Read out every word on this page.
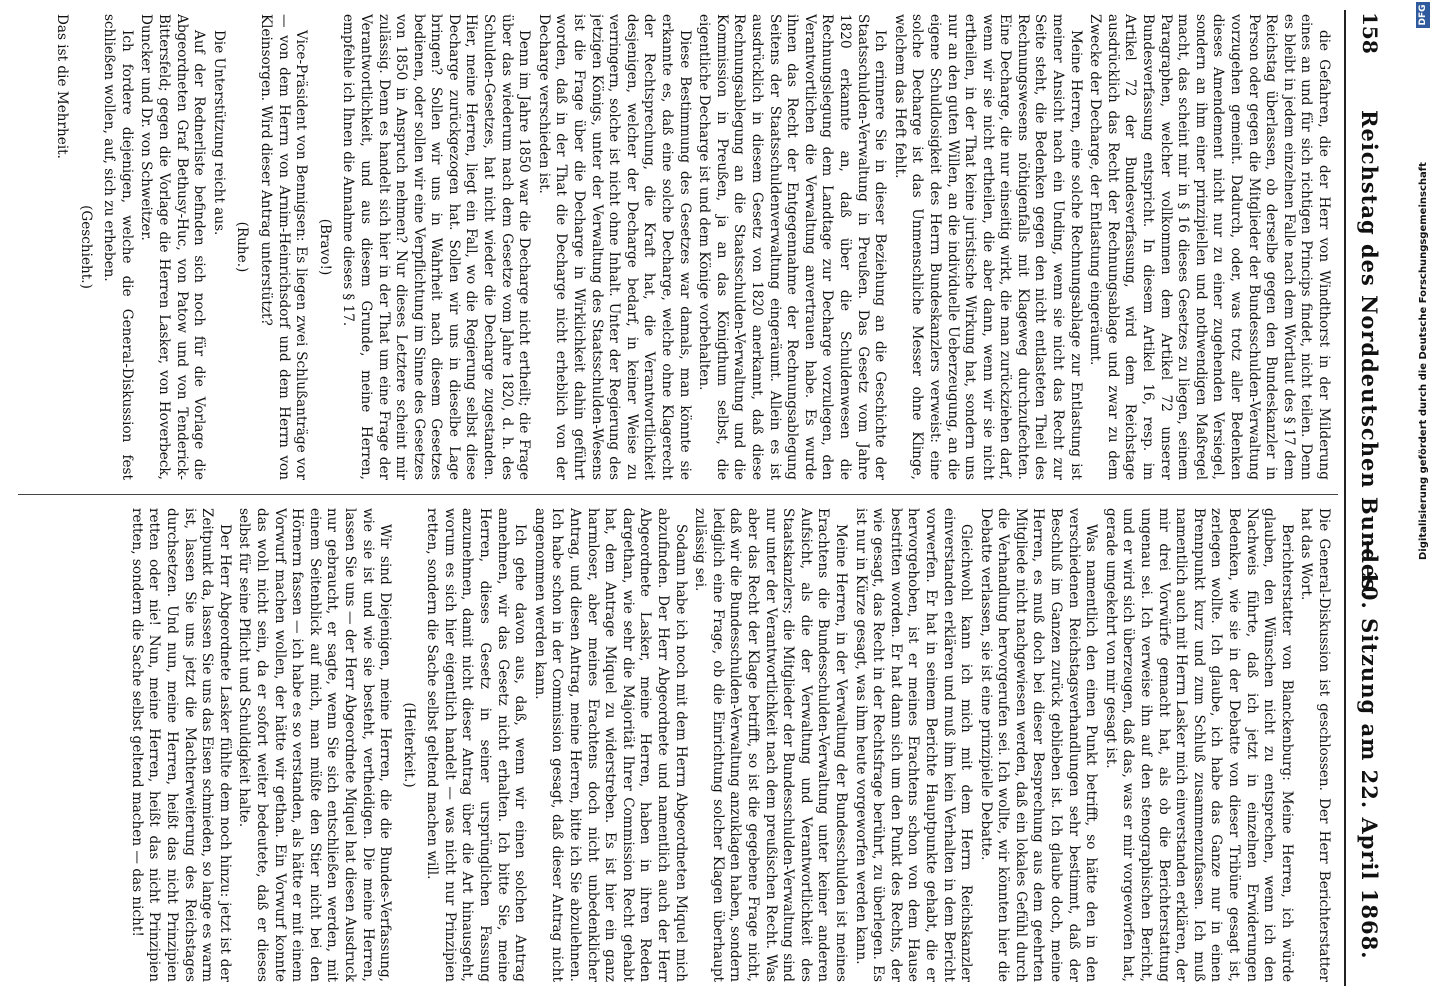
158
Reichstag des Norddeutschen Bundes.
— 10. Sitzung am 22. April 1868.

die Gefahren, die der Herr von Windthorst in der Milderung eines an und für sich richtigen Princips findet, nicht teilen. Denn es bleibt in jedem einzelnen Falle nach dem Wortlaut des § 17 dem Reichstag überlassen, ob derselbe gegen den Bundeskanzler in Person oder gegen die Mitglieder der Bundesschulden-Verwaltung vorzugehen gemeint. Dadurch, oder, was trotz aller Bedenken dieses Amendement nicht nur zu einer zugehenden Versiegel, sondern an ihm einer prinzipiellen und nothwendigen Maßregel macht, das scheint mir in § 16 dieses Gesetzes zu liegen, seinem Paragraphen, welcher vollkommen dem Artikel 72 unserer Bundesverfassung entspricht. In diesem Artikel 16, resp. im Artikel 72 der Bundesverfassung, wird dem Reichstage ausdrücklich das Recht der Rechnungsablage und zwar zu dem Zwecke der Decharge, der Entlastung eingeräumt.

Meine Herren, eine solche Rechnungsablage zur Entlastung ist meiner Ansicht nach ein Unding, wenn sie nicht das Recht zur Seite steht, die Bedenken gegen den nicht entlasteten Theil des Rechnungswesens nöthigenfalls mit Klageweg durchzufechten. Eine Decharge, die nur einseitig wirkt, die man zurückziehen darf, wenn wir sie nicht ertheilen, die aber dann, wenn wir sie nicht ertheilen, in der That keine juristische Wirkung hat, sondern uns nur an den guten Willen, an die individuelle Ueberzeugung, an die eigene Schuldlosigkeit des Herrn Bundeskanzlers verweist: eine solche Decharge ist das Unmenschliche Messer ohne Klinge, welchem das Heft fehlt.

Ich erinnere Sie in dieser Beziehung an die Geschichte der Staatsschulden-Verwaltung in Preußen. Das Gesetz vom Jahre 1820 erkannte an, daß über die Schuldenwesen die Rechnungslegung dem Landtage zur Decharge vorzulegen, den Verantwortlichen die Verwaltung anvertrauen habe. Es wurde ihnen das Recht der Entgegennahme der Rechnungsablegung Seitens der Staatsschuldenverwaltung eingeräumt. Allein es ist ausdrücklich in diesem Gesetz von 1820 anerkannt, daß diese Rechnungsablegung an die Staatsschulden-Verwaltung und die Kommission in Preußen, ja an das Königthum selbst, die eigentliche Decharge ist und dem Könige vorbehalten.

Diese Bestimmung des Gesetzes war damals, man könnte sie erkannte es, daß eine solche Decharge, welche ohne Klagerecht der Rechtsprechung, die Kraft hat, die Verantwortlichkeit desjenigen, welcher der Decharge bedarf, in keiner Weise zu verringern, solche ist nicht ohne Inhalt. Unter der Regierung des jetzigen Königs, unter der Verwaltung des Staatsschulden-Wesens ist die Frage über die Decharge in Wirklichkeit dahin geführt worden, daß in der That die Decharge nicht erheblich von der Decharge verschieden ist.

Denn im Jahre 1850 war die Decharge nicht ertheilt; die Frage über das wiederum nach dem Gesetze vom Jahre 1820, d. h. des Schulden-Gesetzes, hat nicht wieder die Decharge zugestanden. Hier, meine Herren, liegt ein Fall, wo die Regierung selbst diese Decharge zurückgezogen hat. Sollen wir uns in dieselbe Lage bringen? Sollen wir uns in Wahrheit nach diesem Gesetzes bedienen, oder sollen wir eine Verpflichtung im Sinne des Gesetzes von 1850 in Anspruch nehmen? Nur dieses Letztere scheint mir zulässig. Denn es handelt sich hier in der That um eine Frage der Verantwortlichkeit, und aus diesem Grunde, meine Herren, empfehle ich Ihnen die Annahme dieses § 17.

(Bravo!)

Vice-Präsident von Bennigsen: Es liegen zwei Schlußanträge vor — von dem Herrn von Arnim-Heinrichsdorf und dem Herrn von Kleinsorgen. Wird dieser Antrag unterstützt?

(Ruhe.)

Die Unterstützung reicht aus.

Auf der Rednerliste befinden sich noch für die Vorlage die Abgeordneten Graf Bethusy-Huc, von Patow und von Tenderick-Bittersfeld; gegen die Vorlage die Herren Lasker, von Hoverbeck, Duncker und Dr. von Schweitzer.

Ich fordere diejenigen, welche die General-Diskussion fest schließen wollen, auf, sich zu erheben.

(Geschieht.)

Das ist die Mehrheit.

Die General-Diskussion ist geschlossen. Der Herr Berichterstatter hat das Wort.

Berichterstatter von Blanckenburg: Meine Herren, ich würde glauben, den Wünschen nicht zu entsprechen, wenn ich den Nachweis führte, daß ich jetzt in einzelnen Erwiderungen Bedenken, wie sie in der Debatte von dieser Tribüne gesagt ist, zerlegen wollte. Ich glaube, ich habe das Ganze nur in einen Brennpunkt kurz und zum Schluß zusammenzufassen. Ich muß namentlich auch mit Herrn Lasker mich einverstanden erklären, der mir drei Vorwürfe gemacht hat, als ob die Berichterstattung ungenau sei. Ich verweise ihn auf den stenographischen Bericht, und er wird sich überzeugen, daß das, was er mir vorgeworfen hat, gerade umgekehrt von mir gesagt ist.

Was namentlich den einen Punkt betrifft, so hätte den in den verschiedenen Reichstagsverhandlungen sehr bestimmt, daß der Beschluß im Ganzen zurück geblieben ist. Ich glaube doch, meine Herren, es muß doch bei dieser Besprechung aus dem geehrten Mitgliede nicht nachgewiesen werden, daß ein lokales Gefühl durch die Verhandlung hervorgerufen sei. Ich wollte, wir könnten hier die Debatte verlassen, sie ist eine prinzipielle Debatte.

Gleichwohl kann ich mich mit dem Herrn Reichskanzler einverstanden erklären und muß ihm kein Verhalten in dem Bericht vorwerfen. Er hat in seinem Berichte Hauptpunkte gehabt, die er hervorgehoben, ist er meines Erachtens schon von dem Hause bestritten worden. Er hat dann sich um den Punkt des Rechts, der wie gesagt, das Recht in der Rechtsfrage berührt, zu überlegen. Es ist nur in Kürze gesagt, was ihm heute vorgeworfen werden kann.

Meine Herren, in der Verwaltung der Bundesschulden ist meines Erachtens die Bundesschulden-Verwaltung unter keiner anderen Aufsicht, als die der Verwaltung und Verantwortlichkeit des Staatskanzlers; die Mitglieder der Bundesschulden-Verwaltung sind nur unter der Verantwortlichkeit nach dem preußischen Recht. Was aber das Recht der Klage betrifft, so ist die gegebene Frage nicht, daß wir die Bundesschulden-Verwaltung anzuklagen haben, sondern lediglich eine Frage, ob die Einrichtung solcher Klagen überhaupt zulässig sei.

Sodann habe ich noch mit dem Herrn Abgeordneten Miquel mich abzufinden. Der Herr Abgeordnete und namentlich auch der Herr Abgeordnete Lasker, meine Herren, haben in ihren Reden dargethan, wie sehr die Majorität Ihrer Commission Recht gehabt hat, dem Antrage Miquel zu widerstreben. Es ist hier ein ganz harmloser, aber meines Erachtens doch nicht unbedenklicher Antrag, und diesen Antrag, meine Herren, bitte ich Sie abzulehnen. Ich habe schon in der Commission gesagt, daß dieser Antrag nicht angenommen werden kann.

Ich gehe davon aus, daß, wenn wir einen solchen Antrag annehmen, wir das Gesetz nicht erhalten. Ich bitte Sie, meine Herren, dieses Gesetz in seiner ursprünglichen Fassung anzunehmen, damit nicht dieser Antrag über die Art hinausgeht, worum es sich hier eigentlich handelt — was nicht nur Prinzipien retten, sondern die Sache selbst geltend machen will.

(Heiterkeit.)

Wir sind Diejenigen, meine Herren, die die Bundes-Verfassung, wie sie ist und wie sie besteht, vertheidigen. Die meine Herren, lassen Sie uns — der Herr Abgeordnete Miquel hat diesen Ausdruck nur gebraucht, er sagte, wenn Sie sich entschließen werden, mit einem Seitenblick auf mich, man müßte den Stier nicht bei den Hörnern fassen — ich habe es so verstanden, als hätte er mit einem Vorwurf machen wollen, der hätte wir gethan. Ein Vorwurf konnte das wohl nicht sein, da er sofort weiter bedeutete, daß er dieses selbst für seine Pflicht und Schuldigkeit halte.

Der Herr Abgeordnete Lasker fühlte dem noch hinzu: jetzt ist der Zeitpunkt da, lassen Sie uns das Eisen schmieden, so lange es warm ist, lassen Sie uns jetzt die Machterweiterung des Reichstages durchsetzen. Und nun, meine Herren, heißt das nicht Prinzipien retten oder nie! Nun, meine Herren, heißt das nicht Prinzipien retten, sondern die Sache selbst geltend machen — das nicht!

Digitalisierung gefördert durch die Deutsche Forschungsgemeinschaft
DFG
